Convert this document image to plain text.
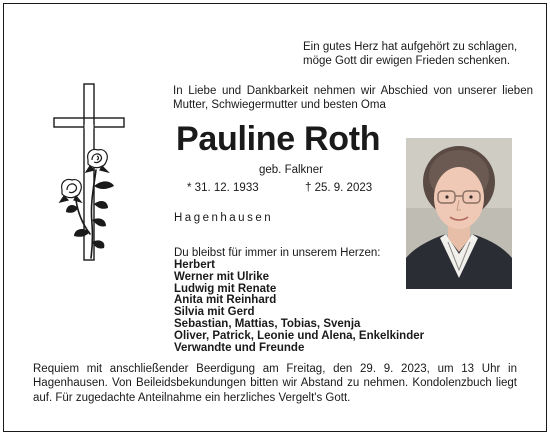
Ein gutes Herz hat aufgehört zu schlagen,
möge Gott dir ewigen Frieden schenken.
In Liebe und Dankbarkeit nehmen wir Abschied von unserer lieben Mutter, Schwiegermutter und besten Oma
Pauline Roth
geb. Falkner
* 31. 12. 1933	† 25. 9. 2023
Hagenhausen
Du bleibst für immer in unserem Herzen:
Herbert
Werner mit Ulrike
Ludwig mit Renate
Anita mit Reinhard
Silvia mit Gerd
Sebastian, Mattias, Tobias, Svenja
Oliver, Patrick, Leonie und Alena, Enkelkinder
Verwandte und Freunde
Requiem mit anschließender Beerdigung am Freitag, den 29. 9. 2023, um 13 Uhr in Hagenhausen. Von Beileidsbekundungen bitten wir Abstand zu nehmen. Kondolenzbuch liegt auf. Für zugedachte Anteilnahme ein herzliches Vergelt's Gott.
